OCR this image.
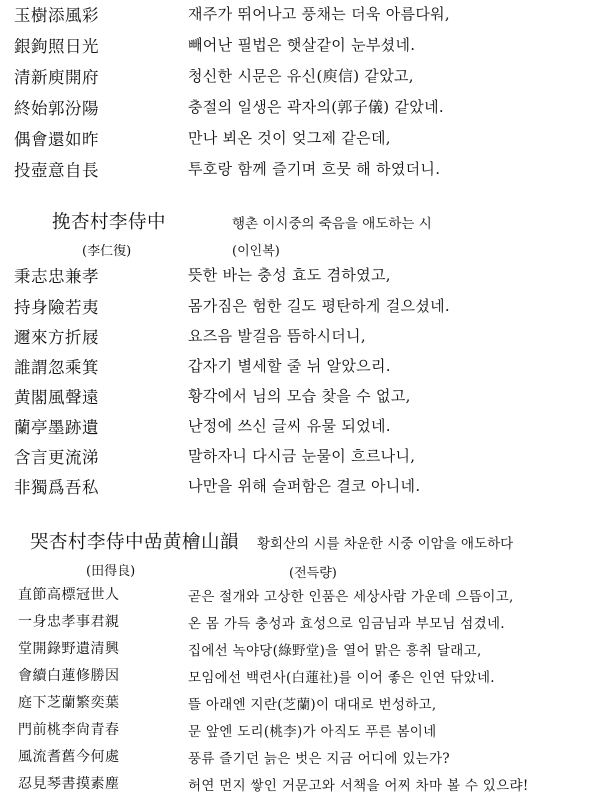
玉樹添風彩	재주가 뛰어나고 풍채는 더욱 아름다워,
銀鉤照日光	빼어난 필법은 햇살같이 눈부셨네.
清新庾開府	청신한 시문은 유신(庾信) 같았고,
終始郭汾陽	충절의 일생은 곽자의(郭子儀) 같았네.
偶會還如昨	만나 뵈온 것이 엊그제 같은데,
投壺意自長	투호랑 함께 즐기며 흐뭇 해 하였더니.
挽杏村李侍中	행촌 이시중의 죽음을 애도하는 시
(李仁復)	(이인복)
秉志忠兼孝	뜻한 바는 충성 효도 겸하였고,
持身險若夷	몸가짐은 험한 길도 평탄하게 걸으셨네.
邇來方折屐	요즈음 발걸음 뜸하시더니,
誰謂忽乘箕	갑자기 별세할 줄 뉘 알았으리.
黄閣風聲遠	황각에서 님의 모습 찾을 수 없고,
蘭亭墨跡遺	난정에 쓰신 글씨 유물 되었네.
含言更流涕	말하자니 다시금 눈물이 흐르나니,
非獨爲吾私	나만을 위해 슬퍼함은 결코 아니네.
哭杏村李侍中嵒黄檜山韻 황회산의 시를 차운한 시중 이암을 애도하다
(田得良)	(전득량)
直節高標冠世人	곧은 절개와 고상한 인품은 세상사람 가운데 으뜸이고,
一身忠孝事君親	온 몸 가득 충성과 효성으로 임금님과 부모님 섬겼네.
堂開錄野遺清興	집에선 녹야당(綠野堂)을 열어 맑은 흥취 달래고,
會續白蓮修勝因	모임에선 백련사(白蓮社)를 이어 좋은 인연 닦았네.
庭下芝蘭繁奕葉	뜰 아래엔 지란(芝蘭)이 대대로 번성하고,
門前桃李尙青春	문 앞엔 도리(桃李)가 아직도 푸른 봄이네
風流耆舊今何處	풍류 즐기던 늙은 벗은 지금 어디에 있는가?
忍見琴書摸素塵	허연 먼지 쌓인 거문고와 서책을 어찌 차마 볼 수 있으랴!
